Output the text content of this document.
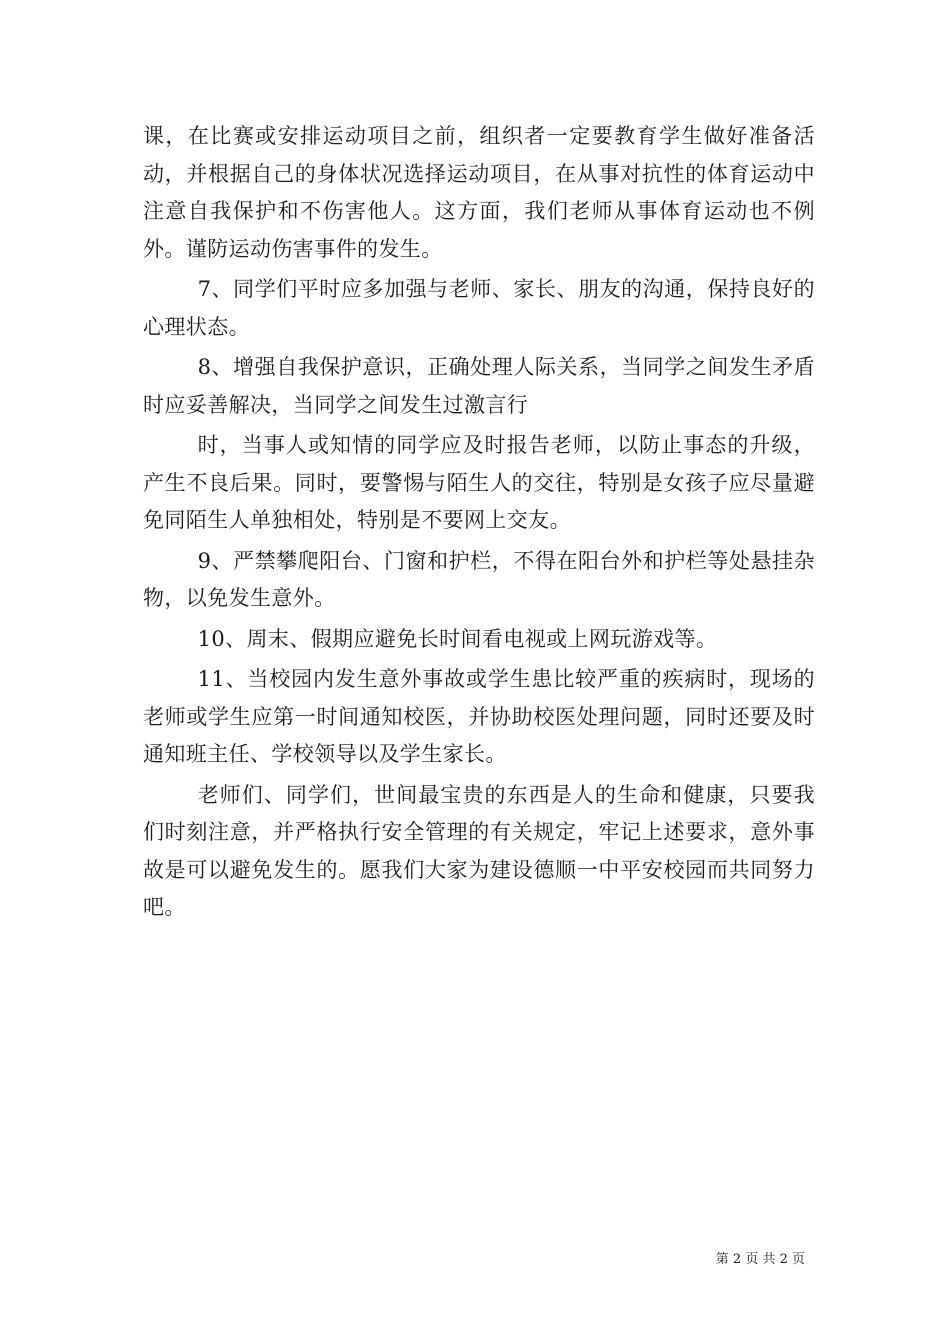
课，在比赛或安排运动项目之前，组织者一定要教育学生做好准备活动，并根据自己的身体状况选择运动项目，在从事对抗性的体育运动中注意自我保护和不伤害他人。这方面，我们老师从事体育运动也不例外。谨防运动伤害事件的发生。

7、同学们平时应多加强与老师、家长、朋友的沟通，保持良好的心理状态。

8、增强自我保护意识，正确处理人际关系，当同学之间发生矛盾时应妥善解决，当同学之间发生过激言行

时，当事人或知情的同学应及时报告老师，以防止事态的升级，产生不良后果。同时，要警惕与陌生人的交往，特别是女孩子应尽量避免同陌生人单独相处，特别是不要网上交友。

9、严禁攀爬阳台、门窗和护栏，不得在阳台外和护栏等处悬挂杂物，以免发生意外。

10、周末、假期应避免长时间看电视或上网玩游戏等。

11、当校园内发生意外事故或学生患比较严重的疾病时，现场的老师或学生应第一时间通知校医，并协助校医处理问题，同时还要及时通知班主任、学校领导以及学生家长。

老师们、同学们，世间最宝贵的东西是人的生命和健康，只要我们时刻注意，并严格执行安全管理的有关规定，牢记上述要求，意外事故是可以避免发生的。愿我们大家为建设德顺一中平安校园而共同努力吧。

第 2 页 共 2 页
